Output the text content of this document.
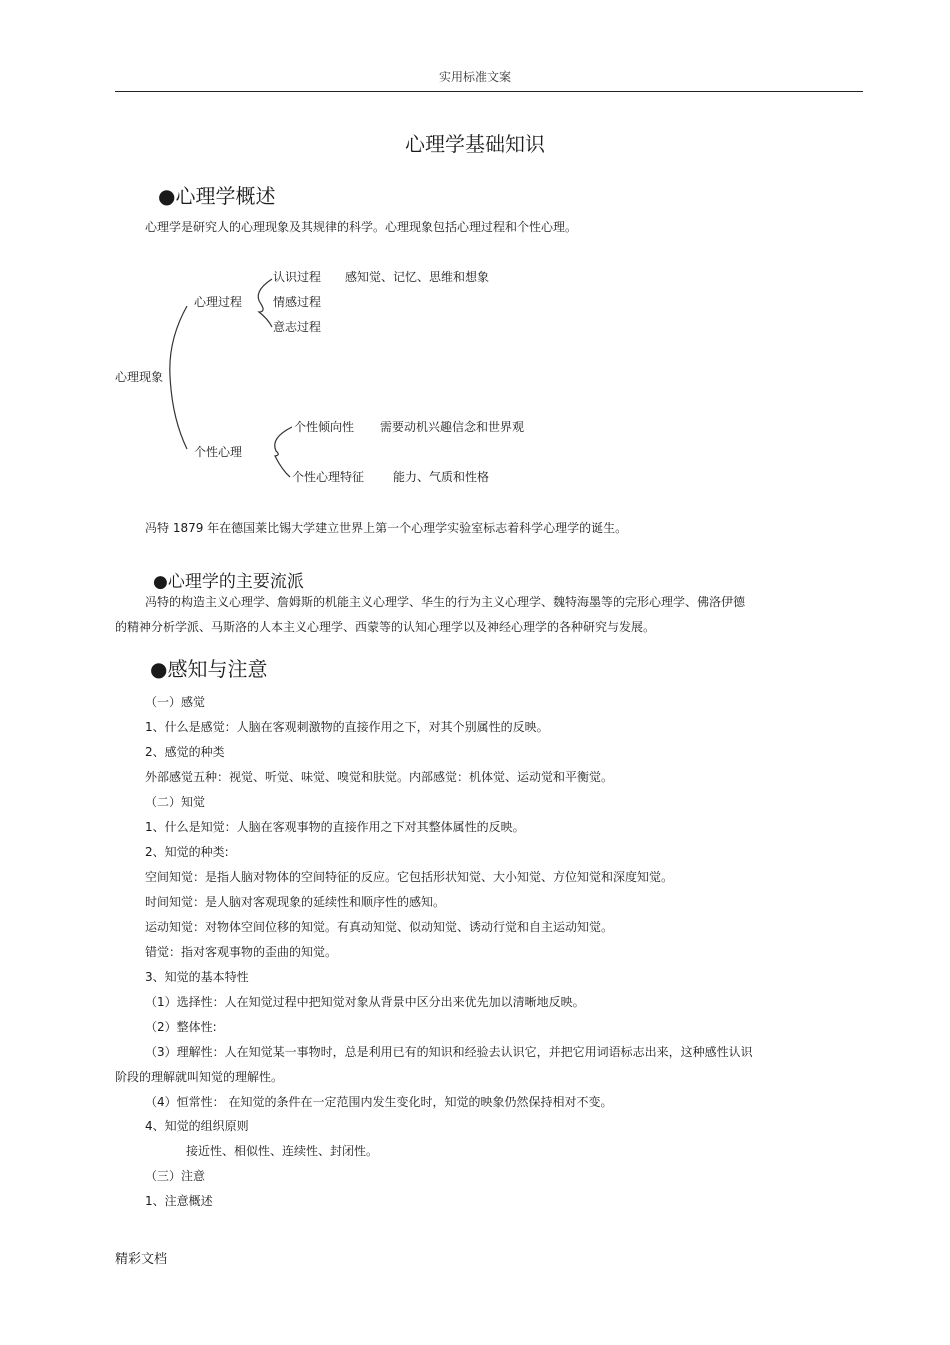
实用标准文案
心理学基础知识
●心理学概述
心理学是研究人的心理现象及其规律的科学。心理现象包括心理过程和个性心理。
心理现象
心理过程
认识过程 感知觉、记忆、思维和想象
情感过程
意志过程
个性心理
个性倾向性 需要动机兴趣信念和世界观
个性心理特征 能力、气质和性格
冯特 1879 年在德国莱比锡大学建立世界上第一个心理学实验室标志着科学心理学的诞生。
●心理学的主要流派
冯特的构造主义心理学、詹姆斯的机能主义心理学、华生的行为主义心理学、魏特海墨等的完形心理学、佛洛伊德
的精神分析学派、马斯洛的人本主义心理学、西蒙等的认知心理学以及神经心理学的各种研究与发展。
●感知与注意
（一）感觉
1、什么是感觉：人脑在客观刺激物的直接作用之下，对其个别属性的反映。
2、感觉的种类
外部感觉五种：视觉、听觉、味觉、嗅觉和肤觉。内部感觉：机体觉、运动觉和平衡觉。
（二）知觉
1、什么是知觉：人脑在客观事物的直接作用之下对其整体属性的反映。
2、知觉的种类:
空间知觉：是指人脑对物体的空间特征的反应。它包括形状知觉、大小知觉、方位知觉和深度知觉。
时间知觉：是人脑对客观现象的延续性和顺序性的感知。
运动知觉：对物体空间位移的知觉。有真动知觉、似动知觉、诱动行觉和自主运动知觉。
错觉：指对客观事物的歪曲的知觉。
3、知觉的基本特性
（1）选择性：人在知觉过程中把知觉对象从背景中区分出来优先加以清晰地反映。
（2）整体性:
（3）理解性：人在知觉某一事物时，总是利用已有的知识和经验去认识它，并把它用词语标志出来，这种感性认识
阶段的理解就叫知觉的理解性。
（4）恒常性： 在知觉的条件在一定范围内发生变化时，知觉的映象仍然保持相对不变。
4、知觉的组织原则
接近性、相似性、连续性、封闭性。
（三）注意
1、注意概述
精彩文档
